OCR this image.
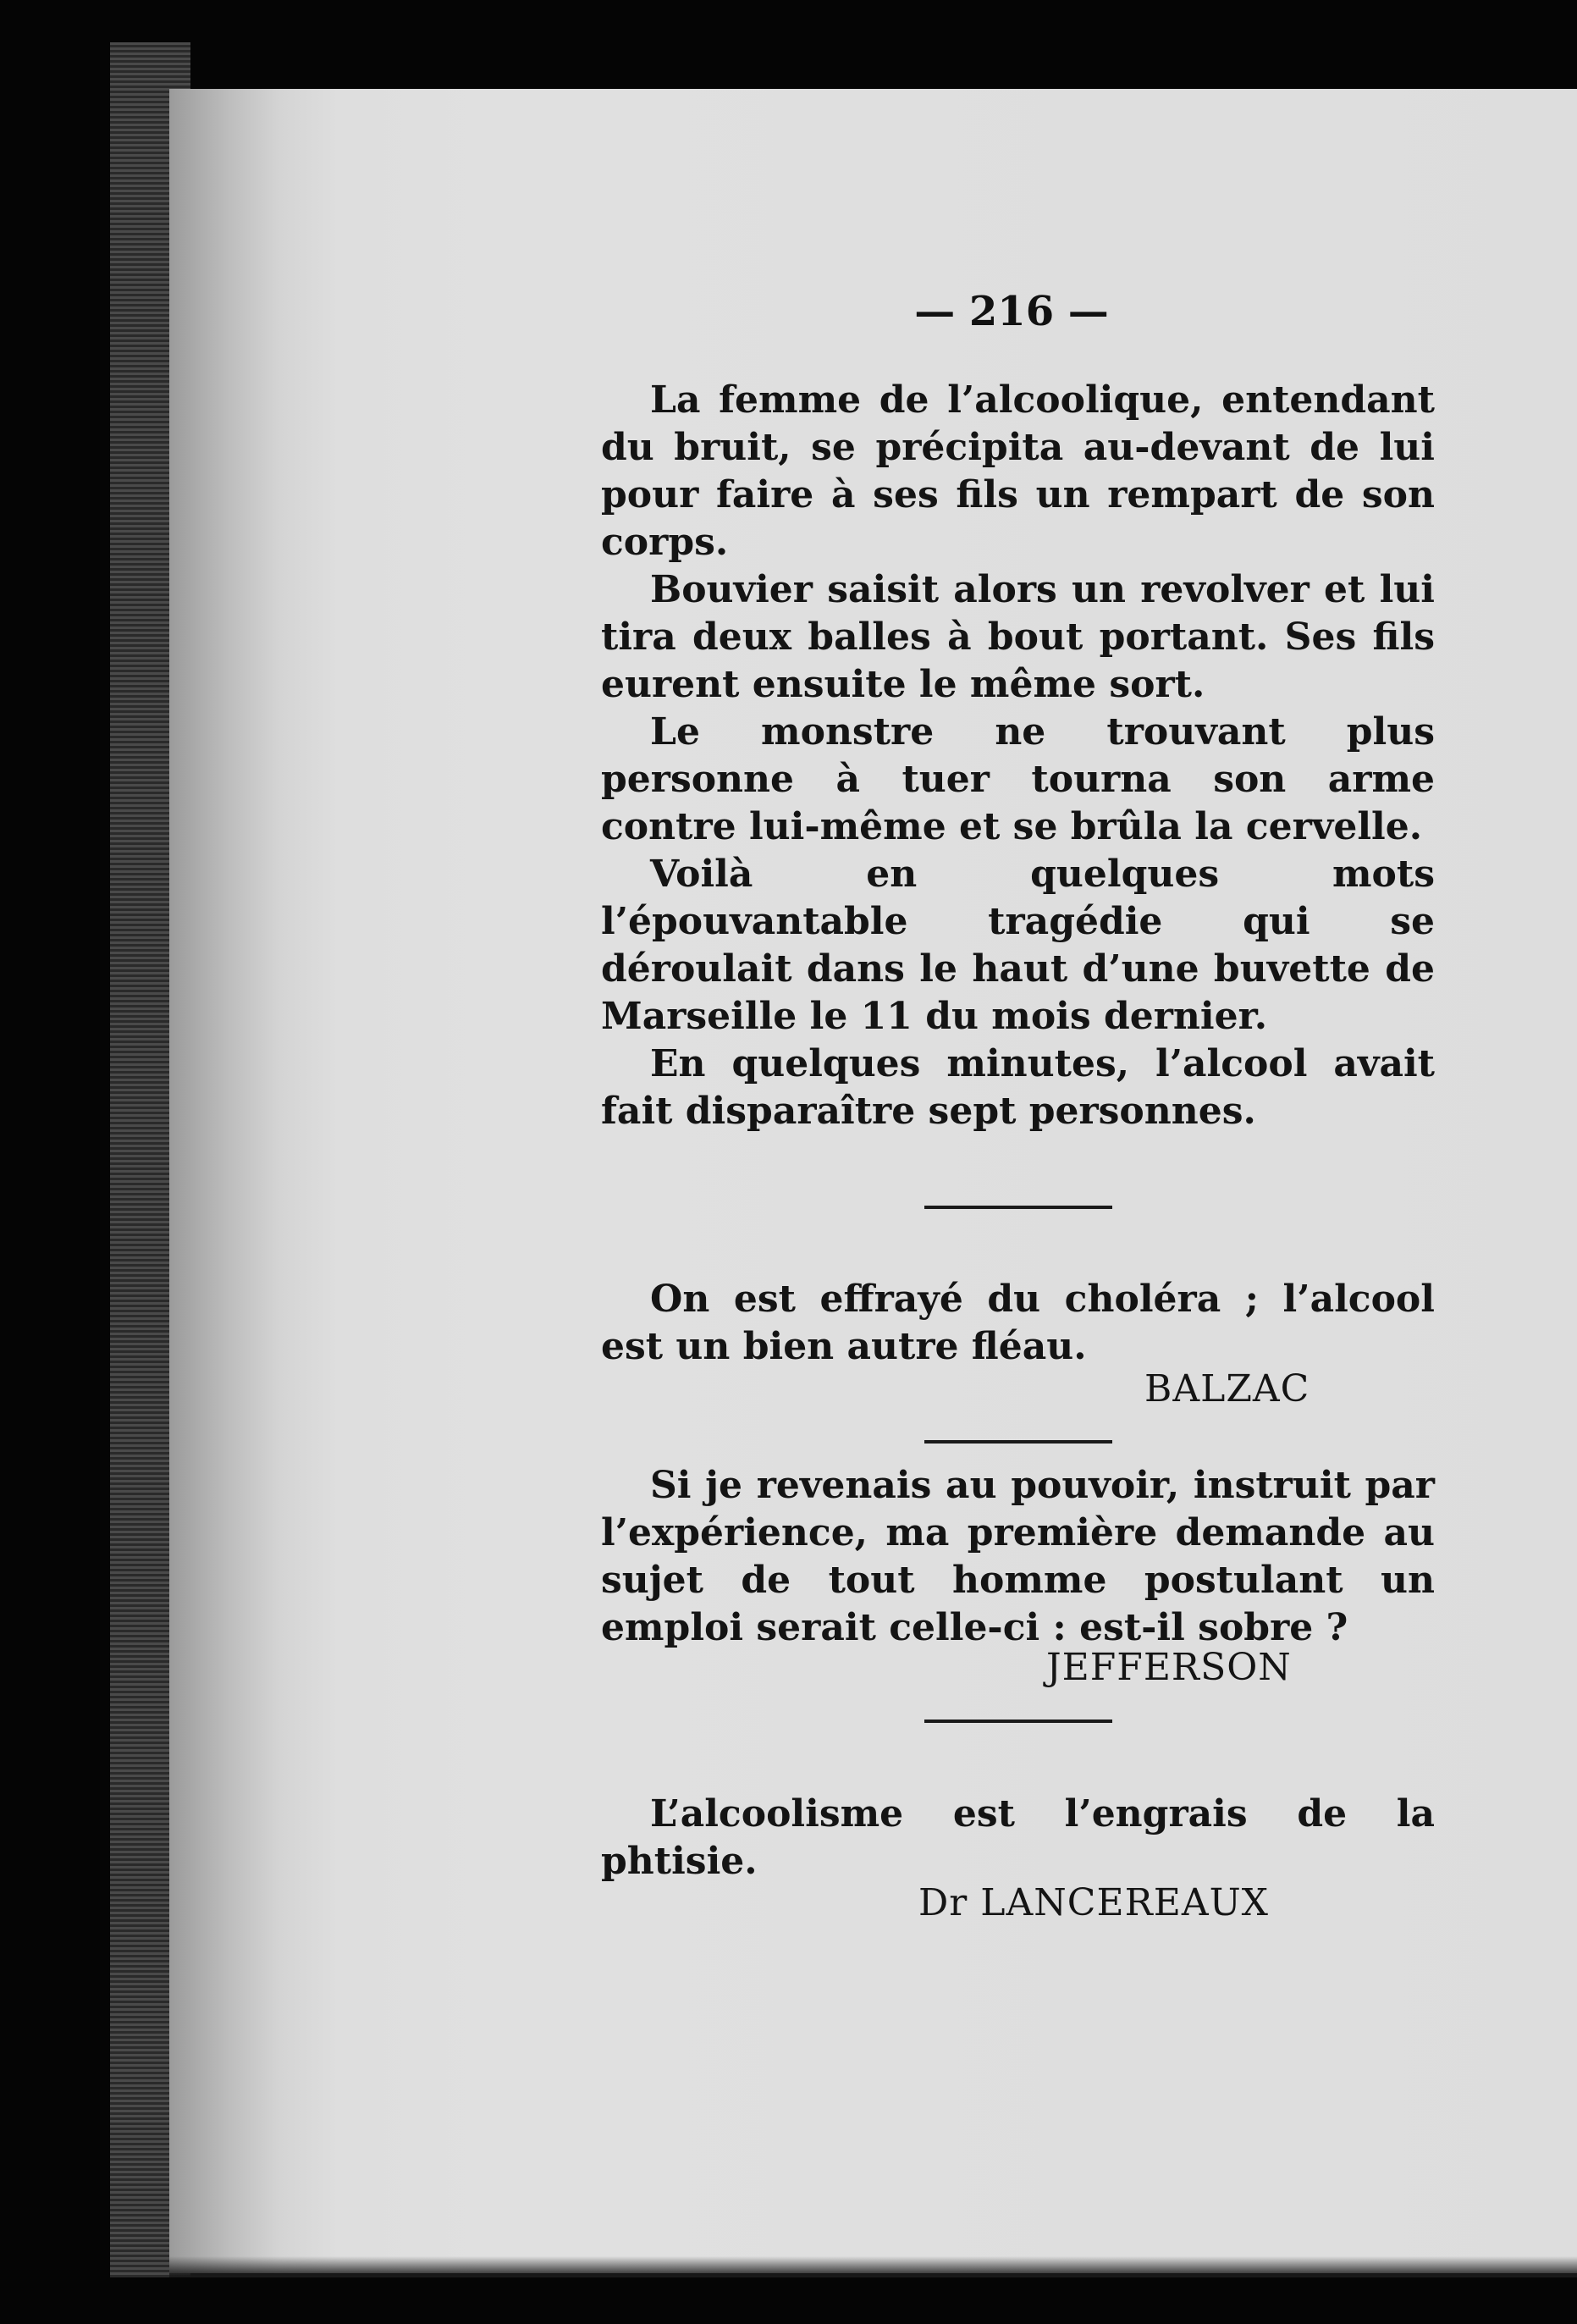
— 216 —

La femme de l’alcoolique, entendant du bruit, se précipita au-devant de lui pour faire à ses fils un rempart de son corps.

Bouvier saisit alors un revolver et lui tira deux balles à bout portant. Ses fils eurent ensuite le même sort.

Le monstre ne trouvant plus personne à tuer tourna son arme contre lui-même et se brûla la cervelle.

Voilà en quelques mots l’épouvantable tragédie qui se déroulait dans le haut d’une buvette de Marseille le 11 du mois dernier.

En quelques minutes, l’alcool avait fait disparaître sept personnes.

On est effrayé du choléra ; l’alcool est un bien autre fléau.

BALZAC

Si je revenais au pouvoir, instruit par l’expérience, ma première demande au sujet de tout homme postulant un emploi serait celle-ci : est-il sobre ?

JEFFERSON

L’alcoolisme est l’engrais de la phtisie.

Dr LANCEREAUX
